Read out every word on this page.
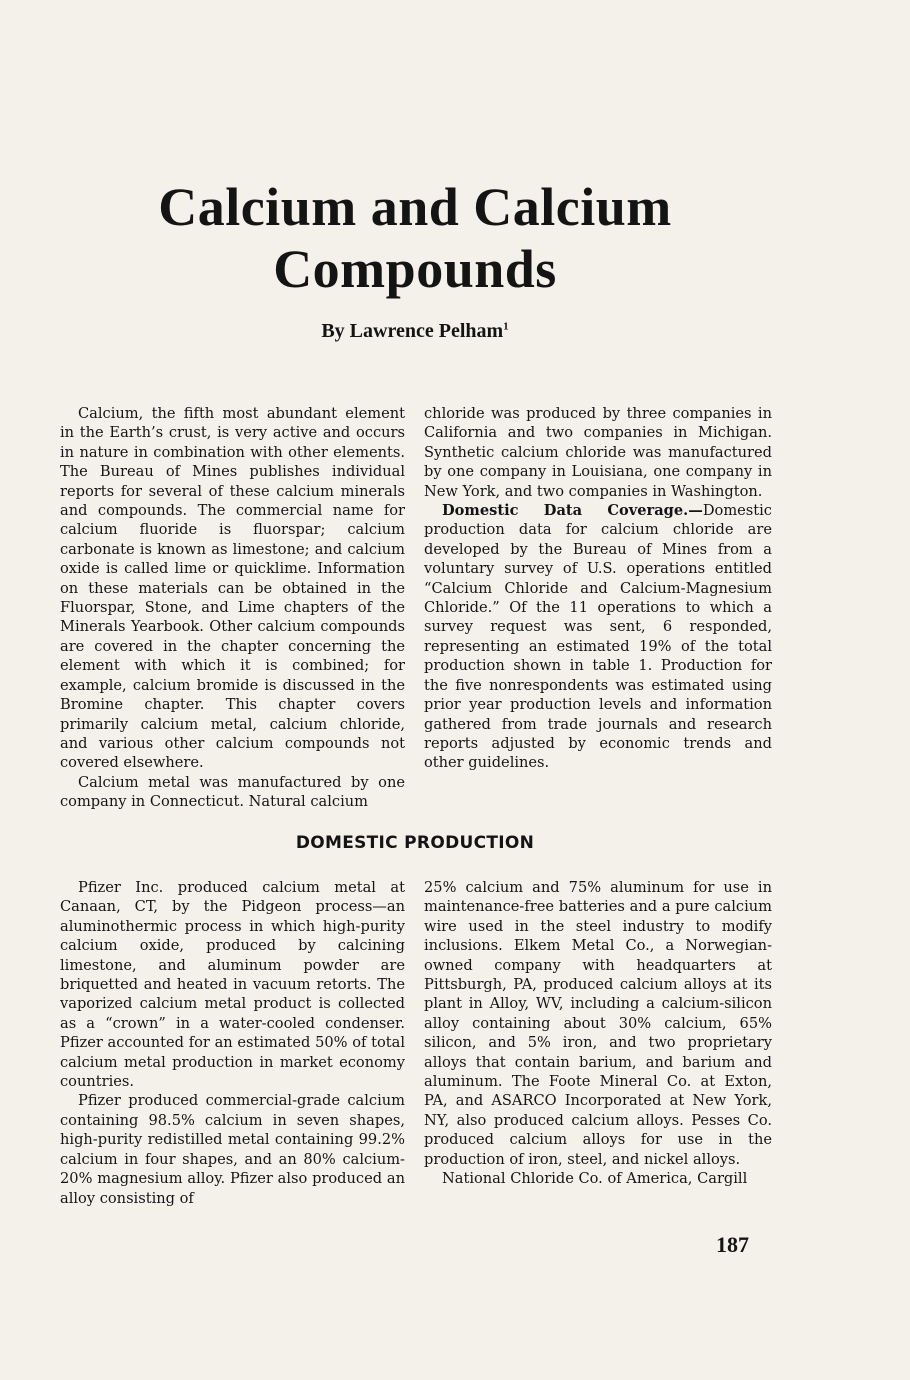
Calcium and Calcium
Compounds
By Lawrence Pelham$^1$

Calcium, the fifth most abundant element in the Earth’s crust, is very active and occurs in nature in combination with other elements. The Bureau of Mines publishes individual reports for several of these calcium minerals and compounds. The commercial name for calcium fluoride is fluorspar; calcium carbonate is known as limestone; and calcium oxide is called lime or quicklime. Information on these materials can be obtained in the Fluorspar, Stone, and Lime chapters of the Minerals Yearbook. Other calcium compounds are covered in the chapter concerning the element with which it is combined; for example, calcium bromide is discussed in the Bromine chapter. This chapter covers primarily calcium metal, calcium chloride, and various other calcium compounds not covered elsewhere.

Calcium metal was manufactured by one company in Connecticut. Natural calcium

chloride was produced by three companies in California and two companies in Michigan. Synthetic calcium chloride was manufactured by one company in Louisiana, one company in New York, and two companies in Washington.

Domestic Data Coverage.—Domestic production data for calcium chloride are developed by the Bureau of Mines from a voluntary survey of U.S. operations entitled “Calcium Chloride and Calcium-Magnesium Chloride.” Of the 11 operations to which a survey request was sent, 6 responded, representing an estimated 19% of the total production shown in table 1. Production for the five nonrespondents was estimated using prior year production levels and information gathered from trade journals and research reports adjusted by economic trends and other guidelines.

DOMESTIC PRODUCTION

Pfizer Inc. produced calcium metal at Canaan, CT, by the Pidgeon process—an aluminothermic process in which high-purity calcium oxide, produced by calcining limestone, and aluminum powder are briquetted and heated in vacuum retorts. The vaporized calcium metal product is collected as a “crown” in a water-cooled condenser. Pfizer accounted for an estimated 50% of total calcium metal production in market economy countries.

Pfizer produced commercial-grade calcium containing 98.5% calcium in seven shapes, high-purity redistilled metal containing 99.2% calcium in four shapes, and an 80% calcium-20% magnesium alloy. Pfizer also produced an alloy consisting of

25% calcium and 75% aluminum for use in maintenance-free batteries and a pure calcium wire used in the steel industry to modify inclusions. Elkem Metal Co., a Norwegian-owned company with headquarters at Pittsburgh, PA, produced calcium alloys at its plant in Alloy, WV, including a calcium-silicon alloy containing about 30% calcium, 65% silicon, and 5% iron, and two proprietary alloys that contain barium, and barium and aluminum. The Foote Mineral Co. at Exton, PA, and ASARCO Incorporated at New York, NY, also produced calcium alloys. Pesses Co. produced calcium alloys for use in the production of iron, steel, and nickel alloys.

National Chloride Co. of America, Cargill

187
